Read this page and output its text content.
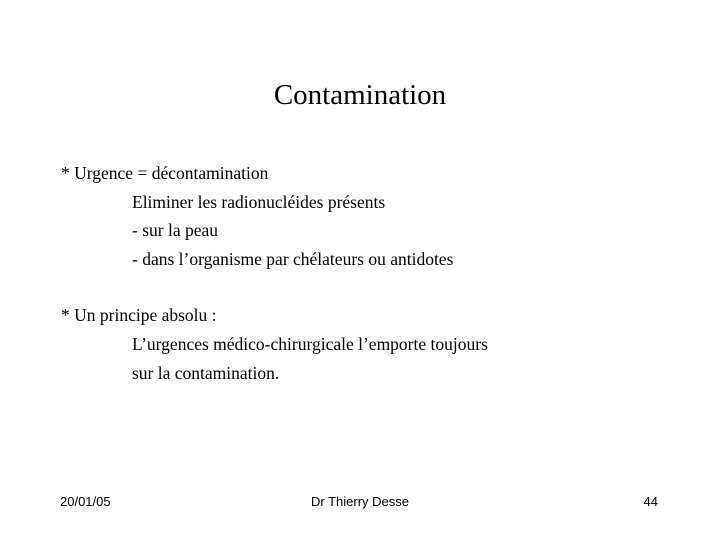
Contamination
* Urgence = décontamination
Eliminer les radionucléides présents
- sur la peau
- dans l’organisme par chélateurs ou antidotes
* Un principe absolu :
L’urgences médico-chirurgicale l’emporte toujours
sur la contamination.
20/01/05	Dr Thierry Desse	44
